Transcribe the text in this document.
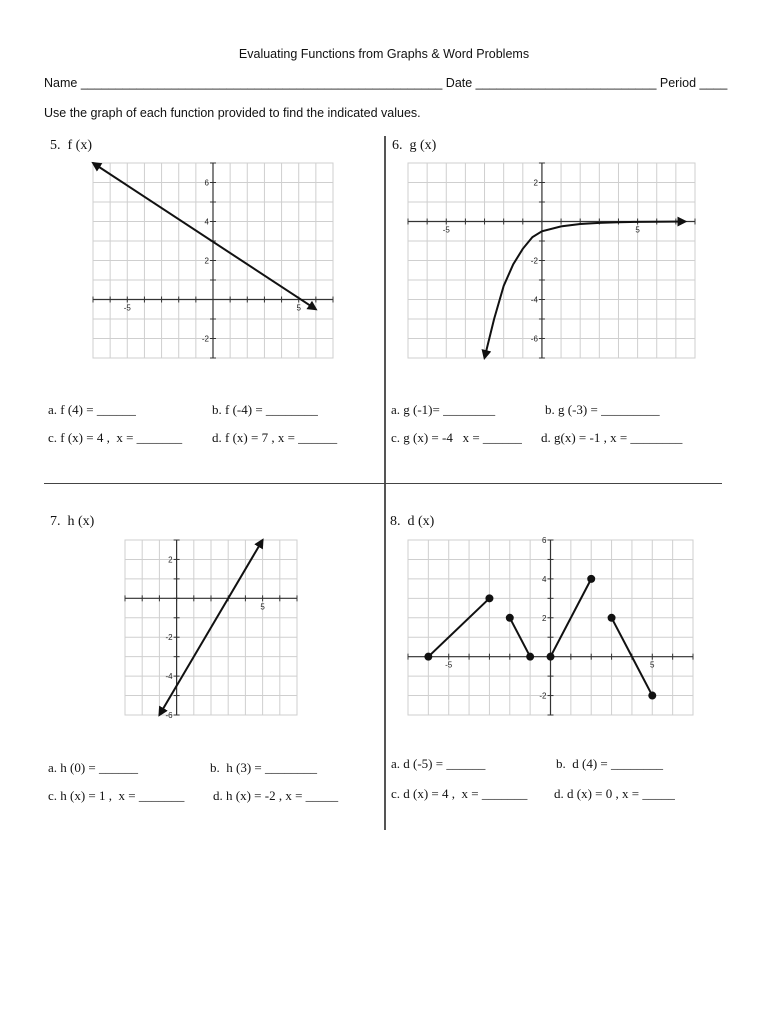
Evaluating Functions from Graphs & Word Problems
Name ____________________________________________________ Date __________________________ Period ____
Use the graph of each function provided to find the indicated values.
5.  f (x)	6.  g (x)
7.  h (x)	8.  d (x)
-5	5
6
4
2
-2
-5	5
2
-2
-4
-6
5
2
-2
-4
-6
-5	5
6
4
2
-2
a. f (4) = ______	b. f (-4) = ________
c. f (x) = 4 ,  x = _______ d. f (x) = 7 , x = ______
a. g (-1)= ________	b. g (-3) = _________
c. g (x) = -4   x = ______ d. g(x) = -1 , x = ________
a. h (0) = ______	b.  h (3) = ________
c. h (x) = 1 ,  x = _______ d. h (x) = -2 , x = _____
a. d (-5) = ______	b.  d (4) = ________
c. d (x) = 4 ,  x = _______ d. d (x) = 0 , x = _____
